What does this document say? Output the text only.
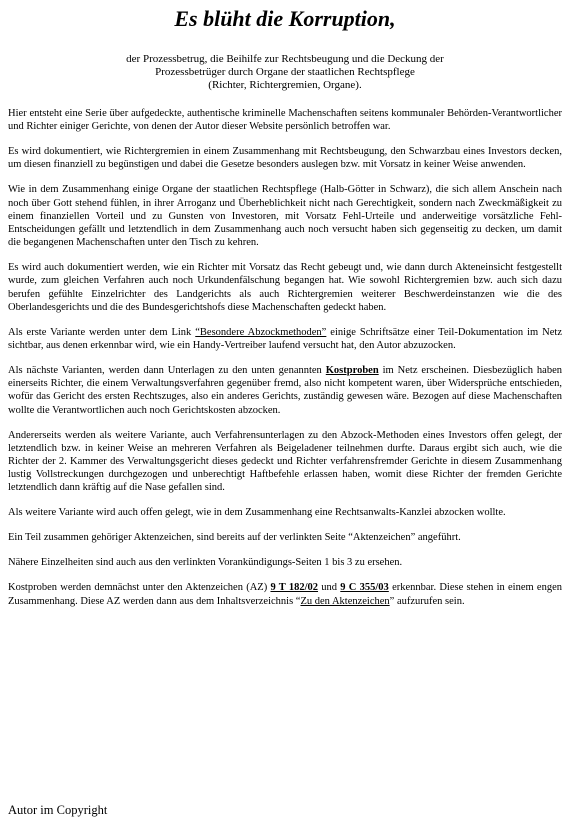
Es blüht die Korruption,
der Prozessbetrug, die Beihilfe zur Rechtsbeugung und die Deckung der
Prozessbetrüger durch Organe der staatlichen Rechtspflege
(Richter, Richtergremien, Organe).

Hier entsteht eine Serie über aufgedeckte, authentische kriminelle Machenschaften seitens kommunaler Behörden-Verantwortlicher und Richter einiger Gerichte, von denen der Autor dieser Website persönlich betroffen war.

Es wird dokumentiert, wie Richtergremien in einem Zusammenhang mit Rechtsbeugung, den Schwarzbau eines Investors decken, um diesen finanziell zu begünstigen und dabei die Gesetze besonders auslegen bzw. mit Vorsatz in keiner Weise anwenden.

Wie in dem Zusammenhang einige Organe der staatlichen Rechtspflege (Halb-Götter in Schwarz), die sich allem Anschein nach noch über Gott stehend fühlen, in ihrer Arroganz und Überheblichkeit nicht nach Gerechtigkeit, sondern nach Zweckmäßigkeit zu einem finanziellen Vorteil und zu Gunsten von Investoren, mit Vorsatz Fehl-Urteile und anderweitige vorsätzliche Fehl-Entscheidungen gefällt und letztendlich in dem Zusammenhang auch noch versucht haben sich gegenseitig zu decken, um damit die begangenen Machenschaften unter den Tisch zu kehren.

Es wird auch dokumentiert werden, wie ein Richter mit Vorsatz das Recht gebeugt und, wie dann durch Akteneinsicht festgestellt wurde, zum gleichen Verfahren auch noch Urkundenfälschung begangen hat. Wie sowohl Richtergremien bzw. auch sich dazu berufen gefühlte Einzelrichter des Landgerichts als auch Richtergremien weiterer Beschwerdeinstanzen wie die des Oberlandesgerichts und die des Bundesgerichtshofs diese Machenschaften gedeckt haben.

Als erste Variante werden unter dem Link “Besondere Abzockmethoden” einige Schriftsätze einer Teil-Dokumentation im Netz sichtbar, aus denen erkennbar wird, wie ein Handy-Vertreiber laufend versucht hat, den Autor abzuzocken.

Als nächste Varianten, werden dann Unterlagen zu den unten genannten Kostproben im Netz erscheinen. Diesbezüglich haben einerseits Richter, die einem Verwaltungsverfahren gegenüber fremd, also nicht kompetent waren, über Widersprüche entschieden, wofür das Gericht des ersten Rechtszuges, also ein anderes Gerichts, zuständig gewesen wäre. Bezogen auf diese Machenschaften wollte die Verantwortlichen auch noch Gerichtskosten abzocken.

Andererseits werden als weitere Variante, auch Verfahrensunterlagen zu den Abzock-Methoden eines Investors offen gelegt, der letztendlich bzw. in keiner Weise an mehreren Verfahren als Beigeladener teilnehmen durfte. Daraus ergibt sich auch, wie die Richter der 2. Kammer des Verwaltungsgericht dieses gedeckt und Richter verfahrensfremder Gerichte in diesem Zusammenhang lustig Vollstreckungen durchgezogen und unberechtigt Haftbefehle erlassen haben, womit diese Richter der fremden Gerichte letztendlich dann kräftig auf die Nase gefallen sind.

Als weitere Variante wird auch offen gelegt, wie in dem Zusammenhang eine Rechtsanwalts-Kanzlei abzocken wollte.

Ein Teil zusammen gehöriger Aktenzeichen, sind bereits auf der verlinkten Seite “Aktenzeichen” angeführt.

Nähere Einzelheiten sind auch aus den verlinkten Vorankündigungs-Seiten 1 bis 3 zu ersehen.

Kostproben werden demnächst unter den Aktenzeichen (AZ) 9 T 182/02 und 9 C 355/03 erkennbar. Diese stehen in einem engen Zusammenhang. Diese AZ werden dann aus dem Inhaltsverzeichnis “Zu den Aktenzeichen” aufzurufen sein.

Autor im Copyright
